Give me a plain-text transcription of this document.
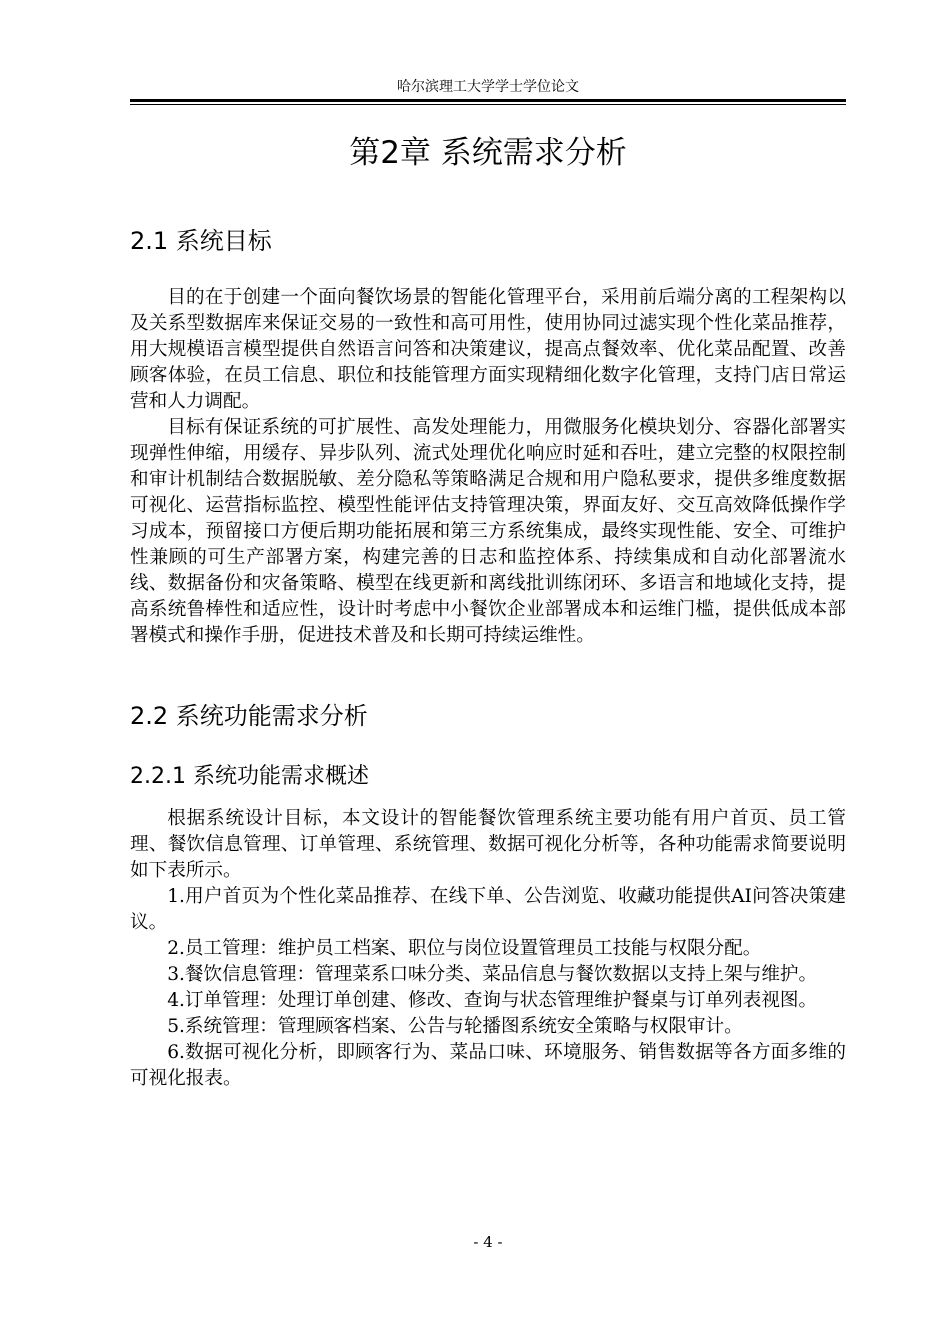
哈尔滨理工大学学士学位论文
第2章 系统需求分析
2.1 系统目标

目的在于创建一个面向餐饮场景的智能化管理平台，采用前后端分离的工程架构以及关系型数据库来保证交易的一致性和高可用性，使用协同过滤实现个性化菜品推荐，用大规模语言模型提供自然语言问答和决策建议，提高点餐效率、优化菜品配置、改善顾客体验，在员工信息、职位和技能管理方面实现精细化数字化管理，支持门店日常运营和人力调配。

目标有保证系统的可扩展性、高发处理能力，用微服务化模块划分、容器化部署实现弹性伸缩，用缓存、异步队列、流式处理优化响应时延和吞吐，建立完整的权限控制和审计机制结合数据脱敏、差分隐私等策略满足合规和用户隐私要求，提供多维度数据可视化、运营指标监控、模型性能评估支持管理决策，界面友好、交互高效降低操作学习成本，预留接口方便后期功能拓展和第三方系统集成，最终实现性能、安全、可维护性兼顾的可生产部署方案，构建完善的日志和监控体系、持续集成和自动化部署流水线、数据备份和灾备策略、模型在线更新和离线批训练闭环、多语言和地域化支持，提高系统鲁棒性和适应性，设计时考虑中小餐饮企业部署成本和运维门槛，提供低成本部署模式和操作手册，促进技术普及和长期可持续运维性。

2.2 系统功能需求分析
2.2.1 系统功能需求概述

根据系统设计目标，本文设计的智能餐饮管理系统主要功能有用户首页、员工管理、餐饮信息管理、订单管理、系统管理、数据可视化分析等，各种功能需求简要说明如下表所示。

1.用户首页为个性化菜品推荐、在线下单、公告浏览、收藏功能提供AI问答决策建议。

2.员工管理：维护员工档案、职位与岗位设置管理员工技能与权限分配。

3.餐饮信息管理：管理菜系口味分类、菜品信息与餐饮数据以支持上架与维护。

4.订单管理：处理订单创建、修改、查询与状态管理维护餐桌与订单列表视图。

5.系统管理：管理顾客档案、公告与轮播图系统安全策略与权限审计。

6.数据可视化分析，即顾客行为、菜品口味、环境服务、销售数据等各方面多维的可视化报表。

- 4 -
